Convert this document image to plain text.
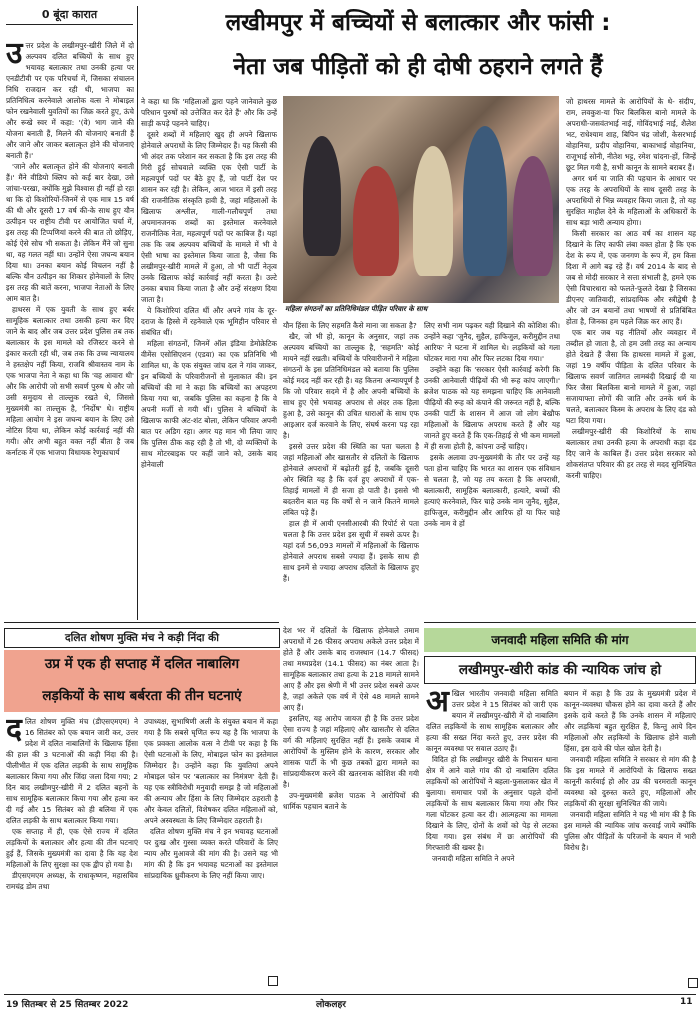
0 बूंदा कारात	लखीमपुर में बच्चियों से बलात्कार और फांसी :
नेता जब पीड़ितों को ही दोषी ठहराने लगते हैं
उ त्तर प्रदेश के लखीमपुर-खीरी जिले में दो अल्पवय दलित बच्चियों के साथ हुए भयावह बलात्कार तथा उनकी हत्या पर एनडीटीवी पर एक परिचर्चा में, जिसका संचालन निधि राजदान कर रही थी, भाजपा का प्रतिनिधित्व करनेवाले आलोक वत्स ने मोबाइल फोन रखनेवाली युवतियों का जिक्र करते हुए, ऊंचे और रूखे स्वर में कहा: '(वे) भाग जाने की योजना बनाती हैं, मिलने की योजनाएं बनाती हैं और जाने और जाकर बलात्कृत होने की योजनाएं बनाती हैं।'

'जाने और बलात्कृत होने की योजनाएं बनाती हैं।' मैंने वीडियो क्लिप को कई बार देखा, उसे जांचा-परखा, क्योंकि मुझे विश्वास ही नहीं हो रहा था कि दो किशोरियों-जिनमें से एक मात्र 15 वर्ष की थी और दूसरी 17 वर्ष की-के साथ हुए यौन उत्पीड़न पर राष्ट्रीय टीवी पर आयोजित चर्चा में, इस तरह की टिप्पणियां करने की बात तो छोड़िए, कोई ऐसे सोच भी सकता है। लेकिन मैंने जो सुना था, वह गलत नहीं था। उन्होंने ऐसा जघन्य बयान दिया था। उनका बयान कोई विचलन नहीं है बल्कि यौन उत्पीड़न का शिकार होनेवालों के लिए इस तरह की बातें करना, भाजपा नेताओं के लिए आम बात है।

हाथरस में एक युवती के साथ हुए बर्बर सामूहिक बलात्कार तथा उसकी हत्या कर दिए जाने के बाद और जब उत्तर प्रदेश पुलिस तब तक बलात्कार के इस मामले को रजिस्टर करने से इंकार करती रही थी, जब तक कि उच्च न्यायालय ने हस्तक्षेप नहीं किया, राजवि श्रीवास्तव नाम के एक भाजपा नेता ने कहा था कि 'वह आवारा थी' और कि आरोपी जो सभी सवर्ण पुरुष थे और जो उसी समुदाय से ताल्लुक रखते थे, जिससे मुख्यमंत्री का ताल्लुक है, 'निर्दोष' थे। राष्ट्रीय महिला आयोग ने इस जघन्य बयान के लिए उसे नोटिस दिया था, लेकिन कोई कार्रवाई नहीं की गयी। और अभी बहुत वक्त नहीं बीता है जब कर्नाटक में एक भाजपा विधायक रेणुकाचार्य

ने कहा था कि 'महिलाओं द्वारा पहने जानेवाले कुछ परिधान पुरुषों को उत्तेजित कर देते हैं' और कि उन्हें साड़ी कपड़े पहनने चाहिए।

दूसरे शब्दों में महिलाएं खुद ही अपने खिलाफ होनेवाले अपराधों के लिए जिम्मेदार हैं। यह किसी की भी अंदर तक परेशान कर सकता है कि इस तरह की गिरी हुई सोचवाले व्यक्ति एक ऐसी पार्टी के महत्वपूर्ण पदों पर बैठे हुए हैं, जो पार्टी देश पर शासन कर रही है। लेकिन, आज भारत में इसी तरह की राजनीतिक संस्कृति हावी है, जहां महिलाओं के खिलाफ अश्लील, गाली-गलौचपूर्ण तथा अपमानजनक शब्दों का इस्तेमाल करनेवाले राजनीतिक नेता, महत्वपूर्ण पदों पर काबिज हैं। यहां तक कि जब अल्पवय बच्चियों के मामले में भी वे ऐसी भाषा का इस्तेमाल किया जाता है, जैसा कि लखीमपुर-खीरी मामले में हुआ, तो भी पार्टी नेतृत्व उनके खिलाफ कोई कार्रवाई नहीं करता है। उल्टे उनका बचाव किया जाता है और उन्हें संरक्षण दिया जाता है।

ये किशोरियां दलित थीं और अपने गांव के दूर-दराज के हिस्से में रहनेवाले एक भूमिहीन परिवार से संबंधित थीं।

महिला संगठनों, जिनमें ऑल इंडिया डेमोक्रेटिक वीमेंस एसोसिएशन (एडवा) का एक प्रतिनिधि भी शामिल था, के एक संयुक्त जांच दल ने गांव जाकर, इन बच्चियों के परिवारीजनों से मुलाकात की। इन बच्चियों की मां ने कहा कि बच्चियों का अपहरण किया गया था, जबकि पुलिस का कहना है कि वे अपनी मर्जी से गयी थीं। पुलिस ने बच्चियों के खिलाफ काफी अंट-शंट बोला, लेकिन परिवार अपनी बात पर अडिग रहा। अगर यह मान भी लिया जाए कि पुलिस ठीक कह रही है तो भी, दो व्यक्तियों के साथ मोटरबाइक पर कहीं जाने को, उसके बाद होनेवाली

महिला संगठनों का प्रतिनिधिमंडल पीड़ित परिवार के साथ

यौन हिंसा के लिए सहमति कैसे माना जा सकता है?

खैर, जो भी हो, कानून के अनुसार, जहां तक अल्पवय बच्चियों का ताल्लुक है, 'सहमति' कोई मायने नहीं रखती। बच्चियों के परिवारीजनों ने महिला संगठनों के इस प्रतिनिधिमंडल को बताया कि पुलिस कोई मदद नहीं कर रही है। वह कितना अन्यायपूर्ण है कि जो परिवार सदमे में है और अपनी बच्चियों के साथ हुए ऐसे भयावह अपराध से अंदर तक हिला हुआ है, उसे कानून की उचित धाराओं के साथ एफ आइआर दर्ज करवाने के लिए, संघर्ष करना पड़ रहा है।

इससे उत्तर प्रदेश की स्थिति का पता चलता है जहां महिलाओं और खासतौर से दलितों के खिलाफ होनेवाले अपराधों में बढ़ोतरी हुई है, जबकि दूसरी ओर स्थिति यह है कि दर्ज हुए अपराधों में एक-तिहाई मामलों में ही सजा हो पाती है। इससे भी बदतरीन बात यह कि वर्षों से न जाने कितने मामले लंबित पड़े हैं।

हाल ही में आयी एनसीआरबी की रिपोर्ट से पता चलता है कि उत्तर प्रदेश इस सूची में सबसे ऊपर है। यहां दर्ज 56,093 मामलों में महिलाओं के खिलाफ होनेवाले अपराध सबसे ज्यादा हैं। इसके साथ ही साथ इनमें से ज्यादा अपराध दलितों के खिलाफ हुए हैं।

देश भर में दलितों के खिलाफ होनेवाले तमाम अपराधों में 26 फीसद अपराध अकेले उत्तर प्रदेश में होते हैं और उसके बाद राजस्थान (14.7 फीसद) तथा मध्यप्रदेश (14.1 फीसद) का नंबर आता है। सामूहिक बलात्कार तथा हत्या के 218 मामले सामने आए हैं और इस श्रेणी में भी उत्तर प्रदेश सबसे ऊपर है, जहां अकेले एक वर्ष में ऐसे 48 मामले सामने आए हैं।

इसलिए, यह आरोप जायज ही है कि उत्तर प्रदेश ऐसा राज्य है जहां महिलाएं और खासतौर से दलित वर्ग की महिलाएं सुरक्षित नहीं हैं। इसके जवाब में आरोपियों के मुस्लिम होने के कारण, सरकार और शासक पार्टी के भी कुछ तबकों द्वारा मामले का सांप्रदायीकरण करने की खतरनाक कोशिश की गयी है।

उप-मुख्यमंत्री ब्रजेश पाठक ने आरोपियों की धार्मिक पहचान बताने के

लिए सभी नाम पढ़कर यही दिखाने की कोशिश की। उन्होंने कहा 'जुनैद, सुहैल, हाफिजुल, करीमुद्दीन तथा आरिफ' ने घटना में शामिल थे। लड़कियों को गला घोंटकर मारा गया और फिर लटका दिया गया।'

उन्होंने कहा कि 'सरकार ऐसी कार्रवाई करेगी कि उनकी आनेवाली पीढ़ियों की भी रूह कांप जाएगी।' ब्रजेश पाठक को यह समझना चाहिए कि आनेवाली पीढ़ियों की रूह को कंपाने की जरूरत नहीं है, बल्कि उनकी पार्टी के शासन में आज जो लोग बेखौफ महिलाओं के खिलाफ अपराध करते हैं और यह जानते हुए करते हैं कि एक-तिहाई से भी कम मामलों में ही सजा होती है, कांपना उन्हें चाहिए।

इसके अलावा उप-मुख्यमंत्री के तौर पर उन्हें यह पता होना चाहिए कि भारत का शासन एक संविधान से चलता है, जो यह तय करता है कि अपराधी, बलात्कारी, सामूहिक बलात्कारी, हत्यारे, बच्चों की हत्याएं करनेवाले, फिर चाहे उनके नाम जुनैद, सुहैल, हाफिजुल, करीमुद्दीन और आरिफ हों या फिर चाहे उनके नाम वे हों

जो हाथरस मामले के आरोपियों के थे- संदीप, राम, लवकुश-या फिर बिलकिस बानो मामले के अपराधी-जसवंतभाई नाई, गोविंदभाई नाई, शैलेश भट, राधेश्याम शाह, बिपिन चंद्र जोशी, केसरभाई वोहानिया, प्रदीप वोहानिया, बाकाभाई वोहानिया, राजूभाई सोनी, नीतेश भट्ट, रमेश चांदना-हों, जिन्हें छूट मिल गयी है, सभी कानून के सामने बराबर हैं।

अगर धर्म या जाति की पहचान के आधार पर एक तरह के अपराधियों के साथ दूसरी तरह के अपराधियों से भिन्न व्यवहार किया जाता है, तो यह सुरक्षित माहौल देने के महिलाओं के अधिकारों के साथ बड़ा भारी अन्याय होगा।

किसी सरकार का आठ वर्ष का शासन यह दिखाने के लिए काफी लंबा वक्त होता है कि एक देश के रूप में, एक जनगण के रूप में, हम किस दिशा में आगे बढ़ रहे हैं। वर्ष 2014 के बाद से जब से मोदी सरकार ने सत्ता संभाली है, हमने एक ऐसी विचारधारा को फलते-फूलते देखा है जिसका डीएनए जातिवादी, सांप्रदायिक और स्त्रीद्वेषी है और जो उन बयानों तथा भाषणों से प्रतिबिंबित होता है, जिनका हम पहले जिक्र कर आए हैं।

एक बार जब यह नीतियों और व्यवहार में तब्दील हो जाता है, तो हम उसी तरह का अन्याय होते देखते हैं जैसा कि हाथरस मामले में हुआ, जहां 19 वर्षीय पीड़िता के दलित परिवार के खिलाफ सवर्ण जातिगत लामबंदी दिखाई दी या फिर जैसा बिलकिस बानो मामले में हुआ, जहां सजायाफ्ता लोगों की जाति और उनके धर्म के चलते, बलात्कार किस्म के अपराध के लिए दंड को घटा दिया गया।

लखीमपुर-खीरी की किशोरियों के साथ बलात्कार तथा उनकी हत्या के अपराधी कड़ा दंड दिए जाने के काबिल हैं। उत्तर प्रदेश सरकार को शोकसंतप्त परिवार की हर तरह से मदद सुनिश्चित करनी चाहिए।

दलित शोषण मुक्ति मंच ने कड़ी निंदा की
उप्र में एक ही सप्ताह में दलित नाबालिग
लड़कियों के साथ बर्बरता की तीन घटनाएं
द लित शोषण मुक्ति मंच (डीएसएमएम) ने 16 सितंबर को एक बयान जारी कर, उत्तर प्रदेश में दलित नाबालिगों के खिलाफ हिंसा की हाल की 3 घटनाओं की कड़ी निंदा की है। पीलीभीत में एक दलित लड़की के साथ सामूहिक बलात्कार किया गया और जिंदा जला दिया गया; 2 दिन बाद लखीमपुर-खीरी में 2 दलित बहनों के साथ सामूहिक बलात्कार किया गया और हत्या कर दी गई और 15 सितंबर को ही बलिया में एक दलित लड़की के साथ बलात्कार किया गया।

एक सप्ताह में ही, एक ऐसे राज्य में दलित लड़कियों के बलात्कार और हत्या की तीन घटनाएं हुई हैं, जिसके मुख्यमंत्री का दावा है कि यह देश महिलाओं के लिए सुरक्षा का एक द्वीप हो गया है।

डीएसएमएम अध्यक्ष, के राधाकृष्णन, महासचिव रामचंद्र डोम तथा

उपाध्यक्ष, सुभाषिणी अली के संयुक्त बयान में कहा गया है कि सबसे घृणित रूप यह है कि भाजपा के एक प्रवक्ता आलोक वत्स ने टीवी पर कहा है कि ऐसी घटनाओं के लिए, मोबाइल फोन का इस्तेमाल जिम्मेदार है। उन्होंने कहा कि युवतियां अपने मोबाइल फोन पर 'बलात्कार का निमंत्रण' देती हैं। यह एक स्त्रीविरोधी मनुवादी समझ है जो महिलाओं की अन्याय और हिंसा के लिए जिम्मेदार ठहराती है और केवल दलितों, विशेषकर दलित महिलाओं को, अपने अस्वस्थता के लिए जिम्मेदार ठहराती है।

दलित शोषण मुक्ति मंच ने इन भयावह घटनाओं पर दुःख और गुस्सा व्यक्त करते परिवारों के लिए न्याय और मुआवजे की मांग की है। उसने यह भी मांग की है कि इन भयावह घटनाओं का इस्तेमाल सांप्रदायिक ध्रुवीकरण के लिए नहीं किया जाए।

जनवादी महिला समिति की मांग
लखीमपुर-खीरी कांड की न्यायिक जांच हो
अ खिल भारतीय जनवादी महिला समिति उत्तर प्रदेश ने 15 सितंबर को जारी एक बयान में लखीमपुर-खीरी में दो नाबालिग दलित लड़कियों के साथ सामूहिक बलात्कार और हत्या की सख्त निंदा करते हुए, उत्तर प्रदेश की कानून व्यवस्था पर सवाल उठाए हैं।

विदित हो कि लखीमपुर खीरी के निघासन थाना क्षेत्र में आने वाले गांव की दो नाबालिग दलित लड़कियों को आरोपियों ने बहला-फुसलाकर खेत में बुलाया। समाचार पत्रों के अनुसार पहले दोनों लड़कियों के साथ बलात्कार किया गया और फिर गला घोंटकर हत्या कर दी। आत्महत्या का मामला दिखाने के लिए, दोनों के शवों को पेड़ से लटका दिया गया। इस संबंध में छः आरोपियों की गिरफ्तारी की खबर है।

जनवादी महिला समिति ने अपने

बयान में कहा है कि उप्र के मुख्यमंत्री प्रदेश में कानून-व्यवस्था चौकस होने का दावा करते हैं और इसके दावे करते हैं कि उनके शासन में महिलाएं और लड़कियां बहुत सुरक्षित हैं, किन्तु आये दिन महिलाओं और लड़कियों के खिलाफ होने वाली हिंसा, इस दावे की पोल खोल देती है।

जनवादी महिला समिति ने सरकार से मांग की है कि इस मामले में आरोपियों के खिलाफ सख्त कानूनी कार्रवाई हो और उप्र की चरमराती कानून व्यवस्था को दुरुस्त करते हुए, महिलाओं और लड़कियों की सुरक्षा सुनिश्चित की जाये।

जनवादी महिला समिति ने यह भी मांग की है कि इस मामले की न्यायिक जांच करवाई जाये क्योंकि पुलिस और पीड़ितों के परिजनों के बयान में भारी विरोध है।

19 सितम्बर से 25 सितम्बर 2022	लोकलहर	11
